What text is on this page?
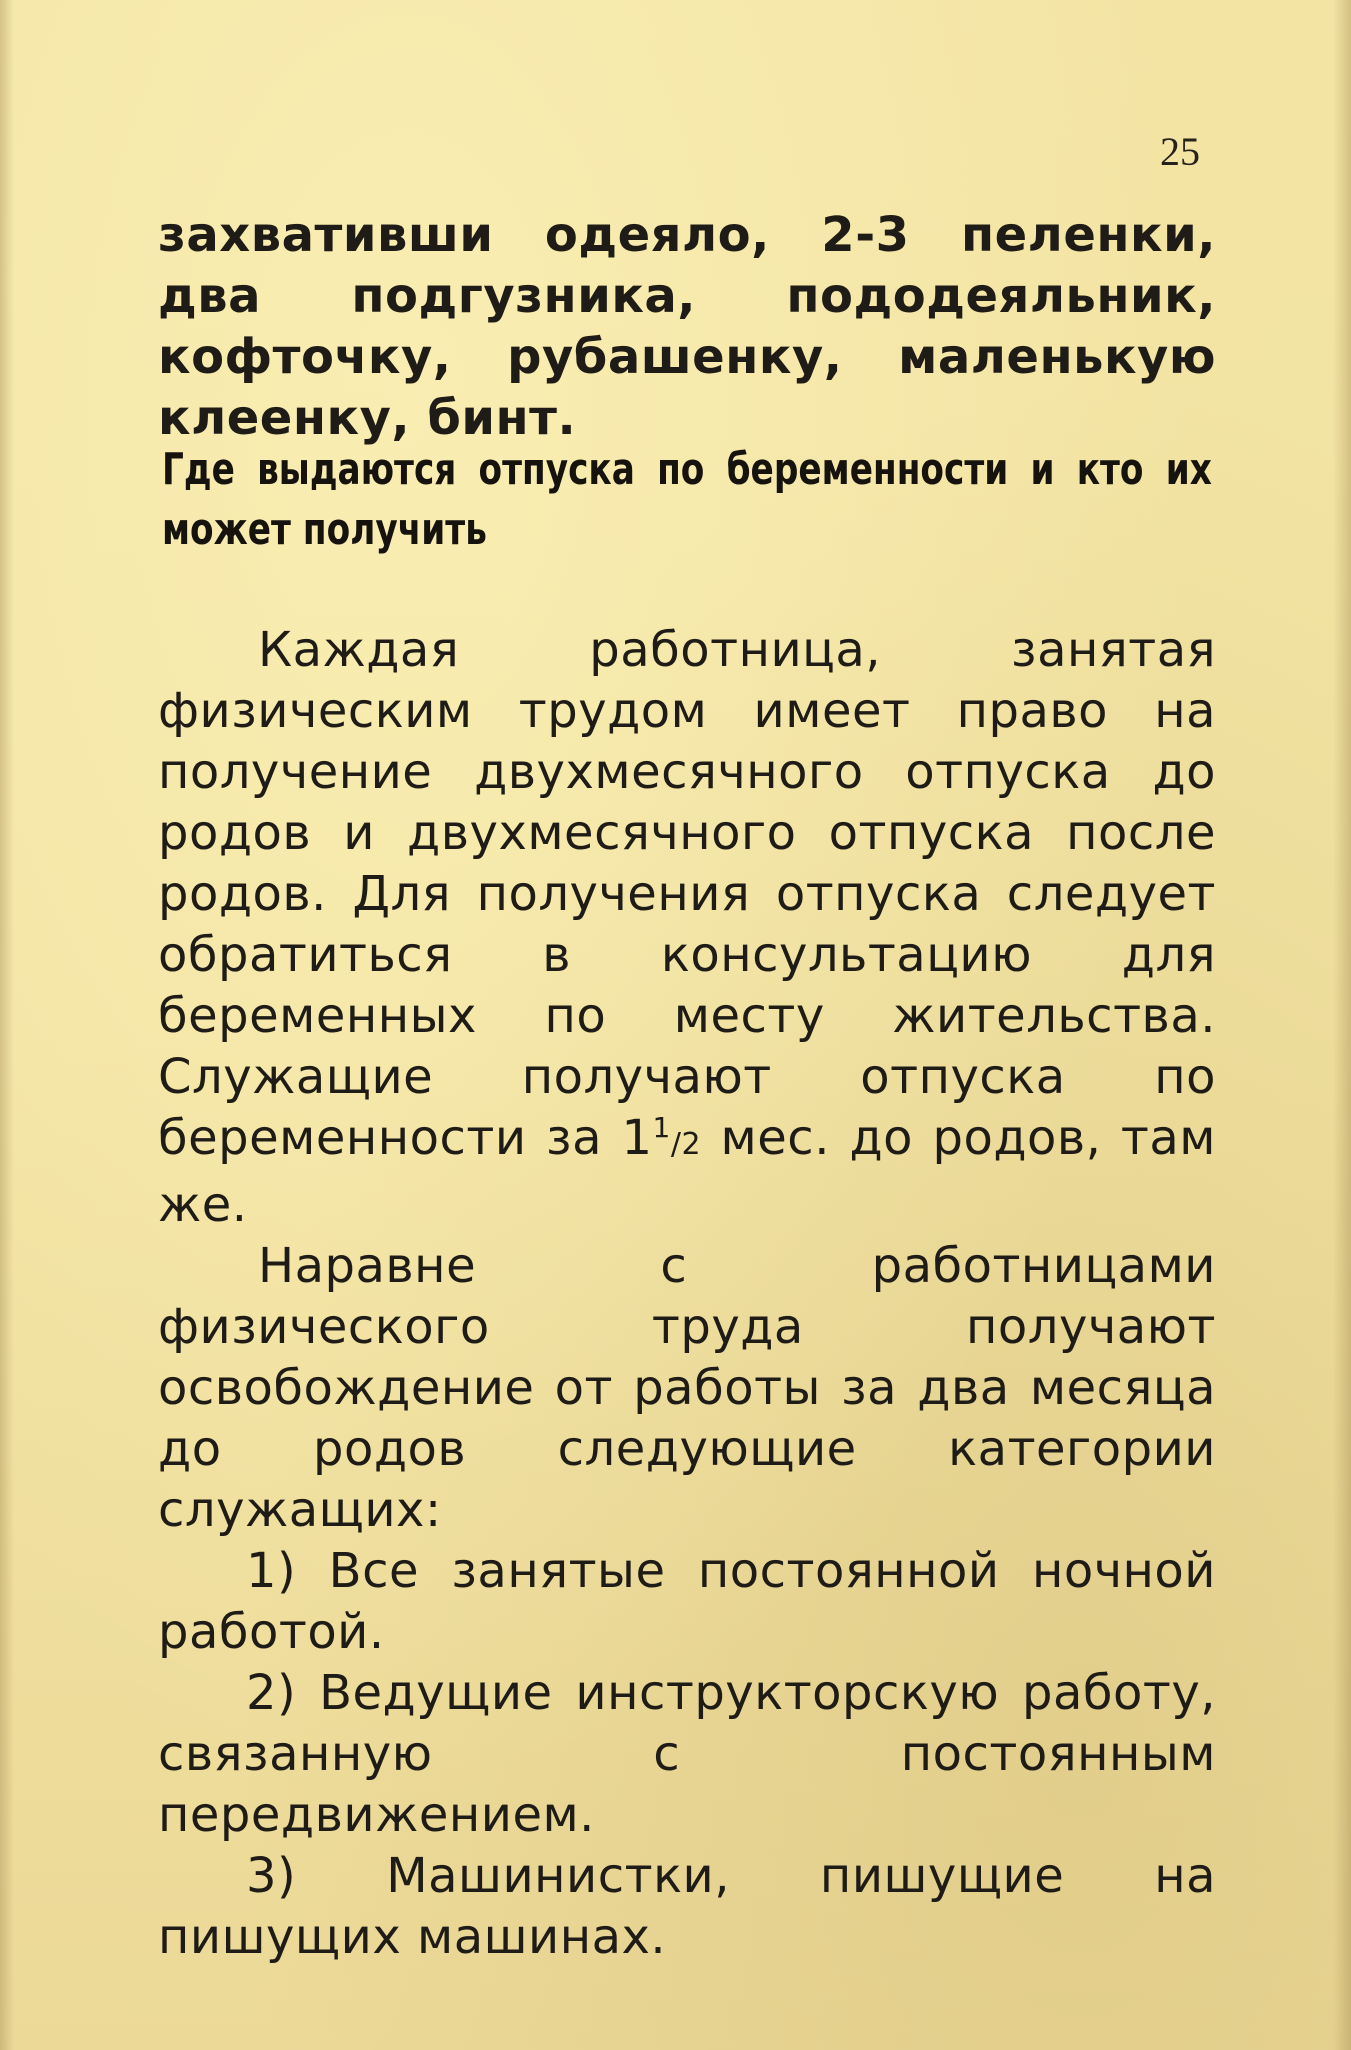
25
захвативши одеяло, 2-3 пеленки, два подгузника, пододеяльник, кофточку, рубашенку, маленькую клеенку, бинт.
Где выдаются отпуска по беременности и кто их может получить

Каждая работница, занятая физическим трудом имеет право на получение двухмесячного отпуска до родов и двухмесячного отпуска после родов. Для получения отпуска следует обратиться в консультацию для беременных по месту жительства. Служащие получают отпуска по беременности за $1^1/2$ мес. до родов, там же.

Наравне с работницами физического труда получают освобождение от работы за два месяца до родов следующие категории служащих:

1) Все занятые постоянной ночной работой.

2) Ведущие инструкторскую работу, связанную с постоянным передвижением.

3) Машинистки, пишущие на пишущих машинах.
